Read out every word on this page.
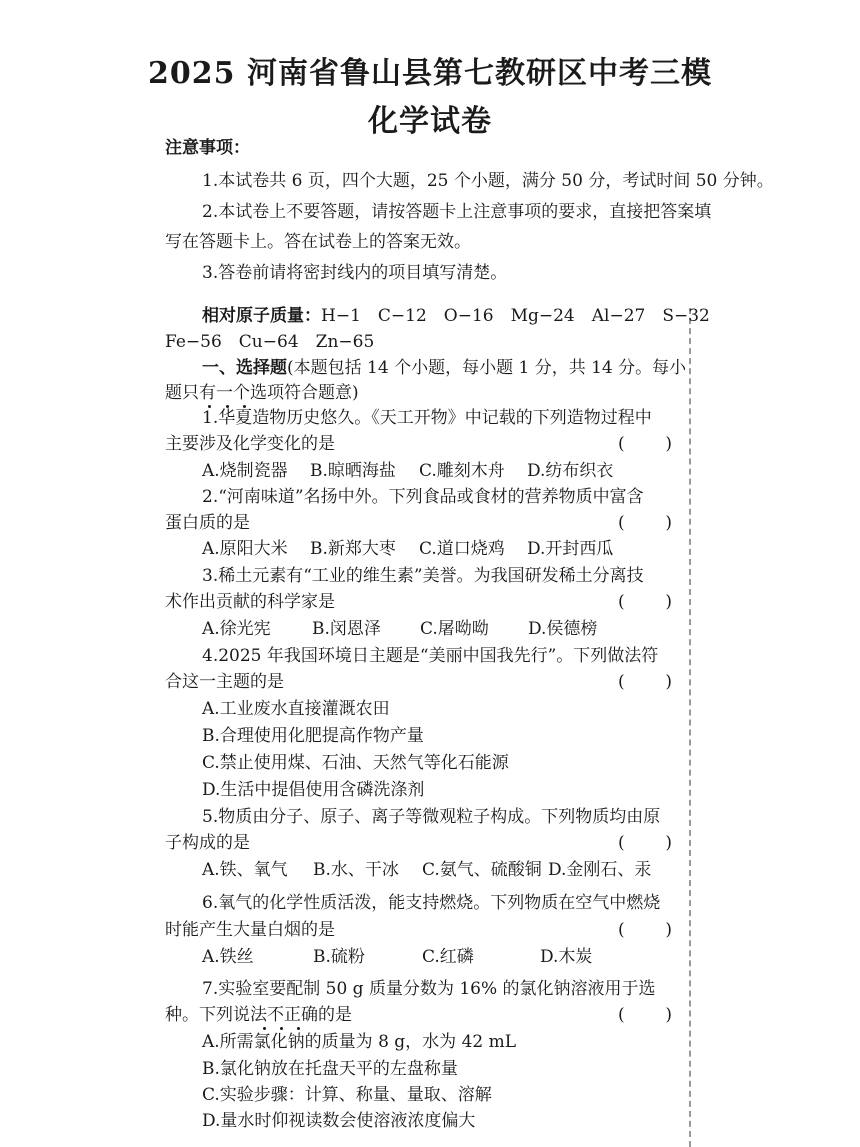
2025 河南省鲁山县第七教研区中考三模
化学试卷
注意事项：
1.本试卷共 6 页，四个大题，25 个小题，满分 50 分，考试时间 50 分钟。
2.本试卷上不要答题，请按答题卡上注意事项的要求，直接把答案填
写在答题卡上。答在试卷上的答案无效。
3.答卷前请将密封线内的项目填写清楚。
相对原子质量：H−1　C−12　O−16　Mg−24　Al−27　S−32
Fe−56　Cu−64　Zn−65
一、选择题(本题包括 14 个小题，每小题 1 分，共 14 分。每小
题只有一个选项符合题意)
1.华夏造物历史悠久。《天工开物》中记载的下列造物过程中
主要涉及化学变化的是	( )
A.烧制瓷器 B.晾晒海盐 C.雕刻木舟 D.纺布织衣
2.“河南味道”名扬中外。下列食品或食材的营养物质中富含
蛋白质的是	( )
A.原阳大米 B.新郑大枣 C.道口烧鸡 D.开封西瓜
3.稀土元素有“工业的维生素”美誉。为我国研发稀土分离技
术作出贡献的科学家是	( )
A.徐光宪 B.闵恩泽 C.屠呦呦 D.侯德榜
4.2025 年我国环境日主题是“美丽中国我先行”。下列做法符
合这一主题的是	( )
A.工业废水直接灌溉农田
B.合理使用化肥提高作物产量
C.禁止使用煤、石油、天然气等化石能源
D.生活中提倡使用含磷洗涤剂
5.物质由分子、原子、离子等微观粒子构成。下列物质均由原
子构成的是	( )
A.铁、氧气 B.水、干冰 C.氨气、硫酸铜 D.金刚石、汞
6.氧气的化学性质活泼，能支持燃烧。下列物质在空气中燃烧
时能产生大量白烟的是	( )
A.铁丝	B.硫粉	C.红磷	D.木炭
7.实验室要配制 50 g 质量分数为 16% 的氯化钠溶液用于选
种。下列说法不正确的是	( )
A.所需氯化钠的质量为 8 g，水为 42 mL
B.氯化钠放在托盘天平的左盘称量
C.实验步骤：计算、称量、量取、溶解
D.量水时仰视读数会使溶液浓度偏大
